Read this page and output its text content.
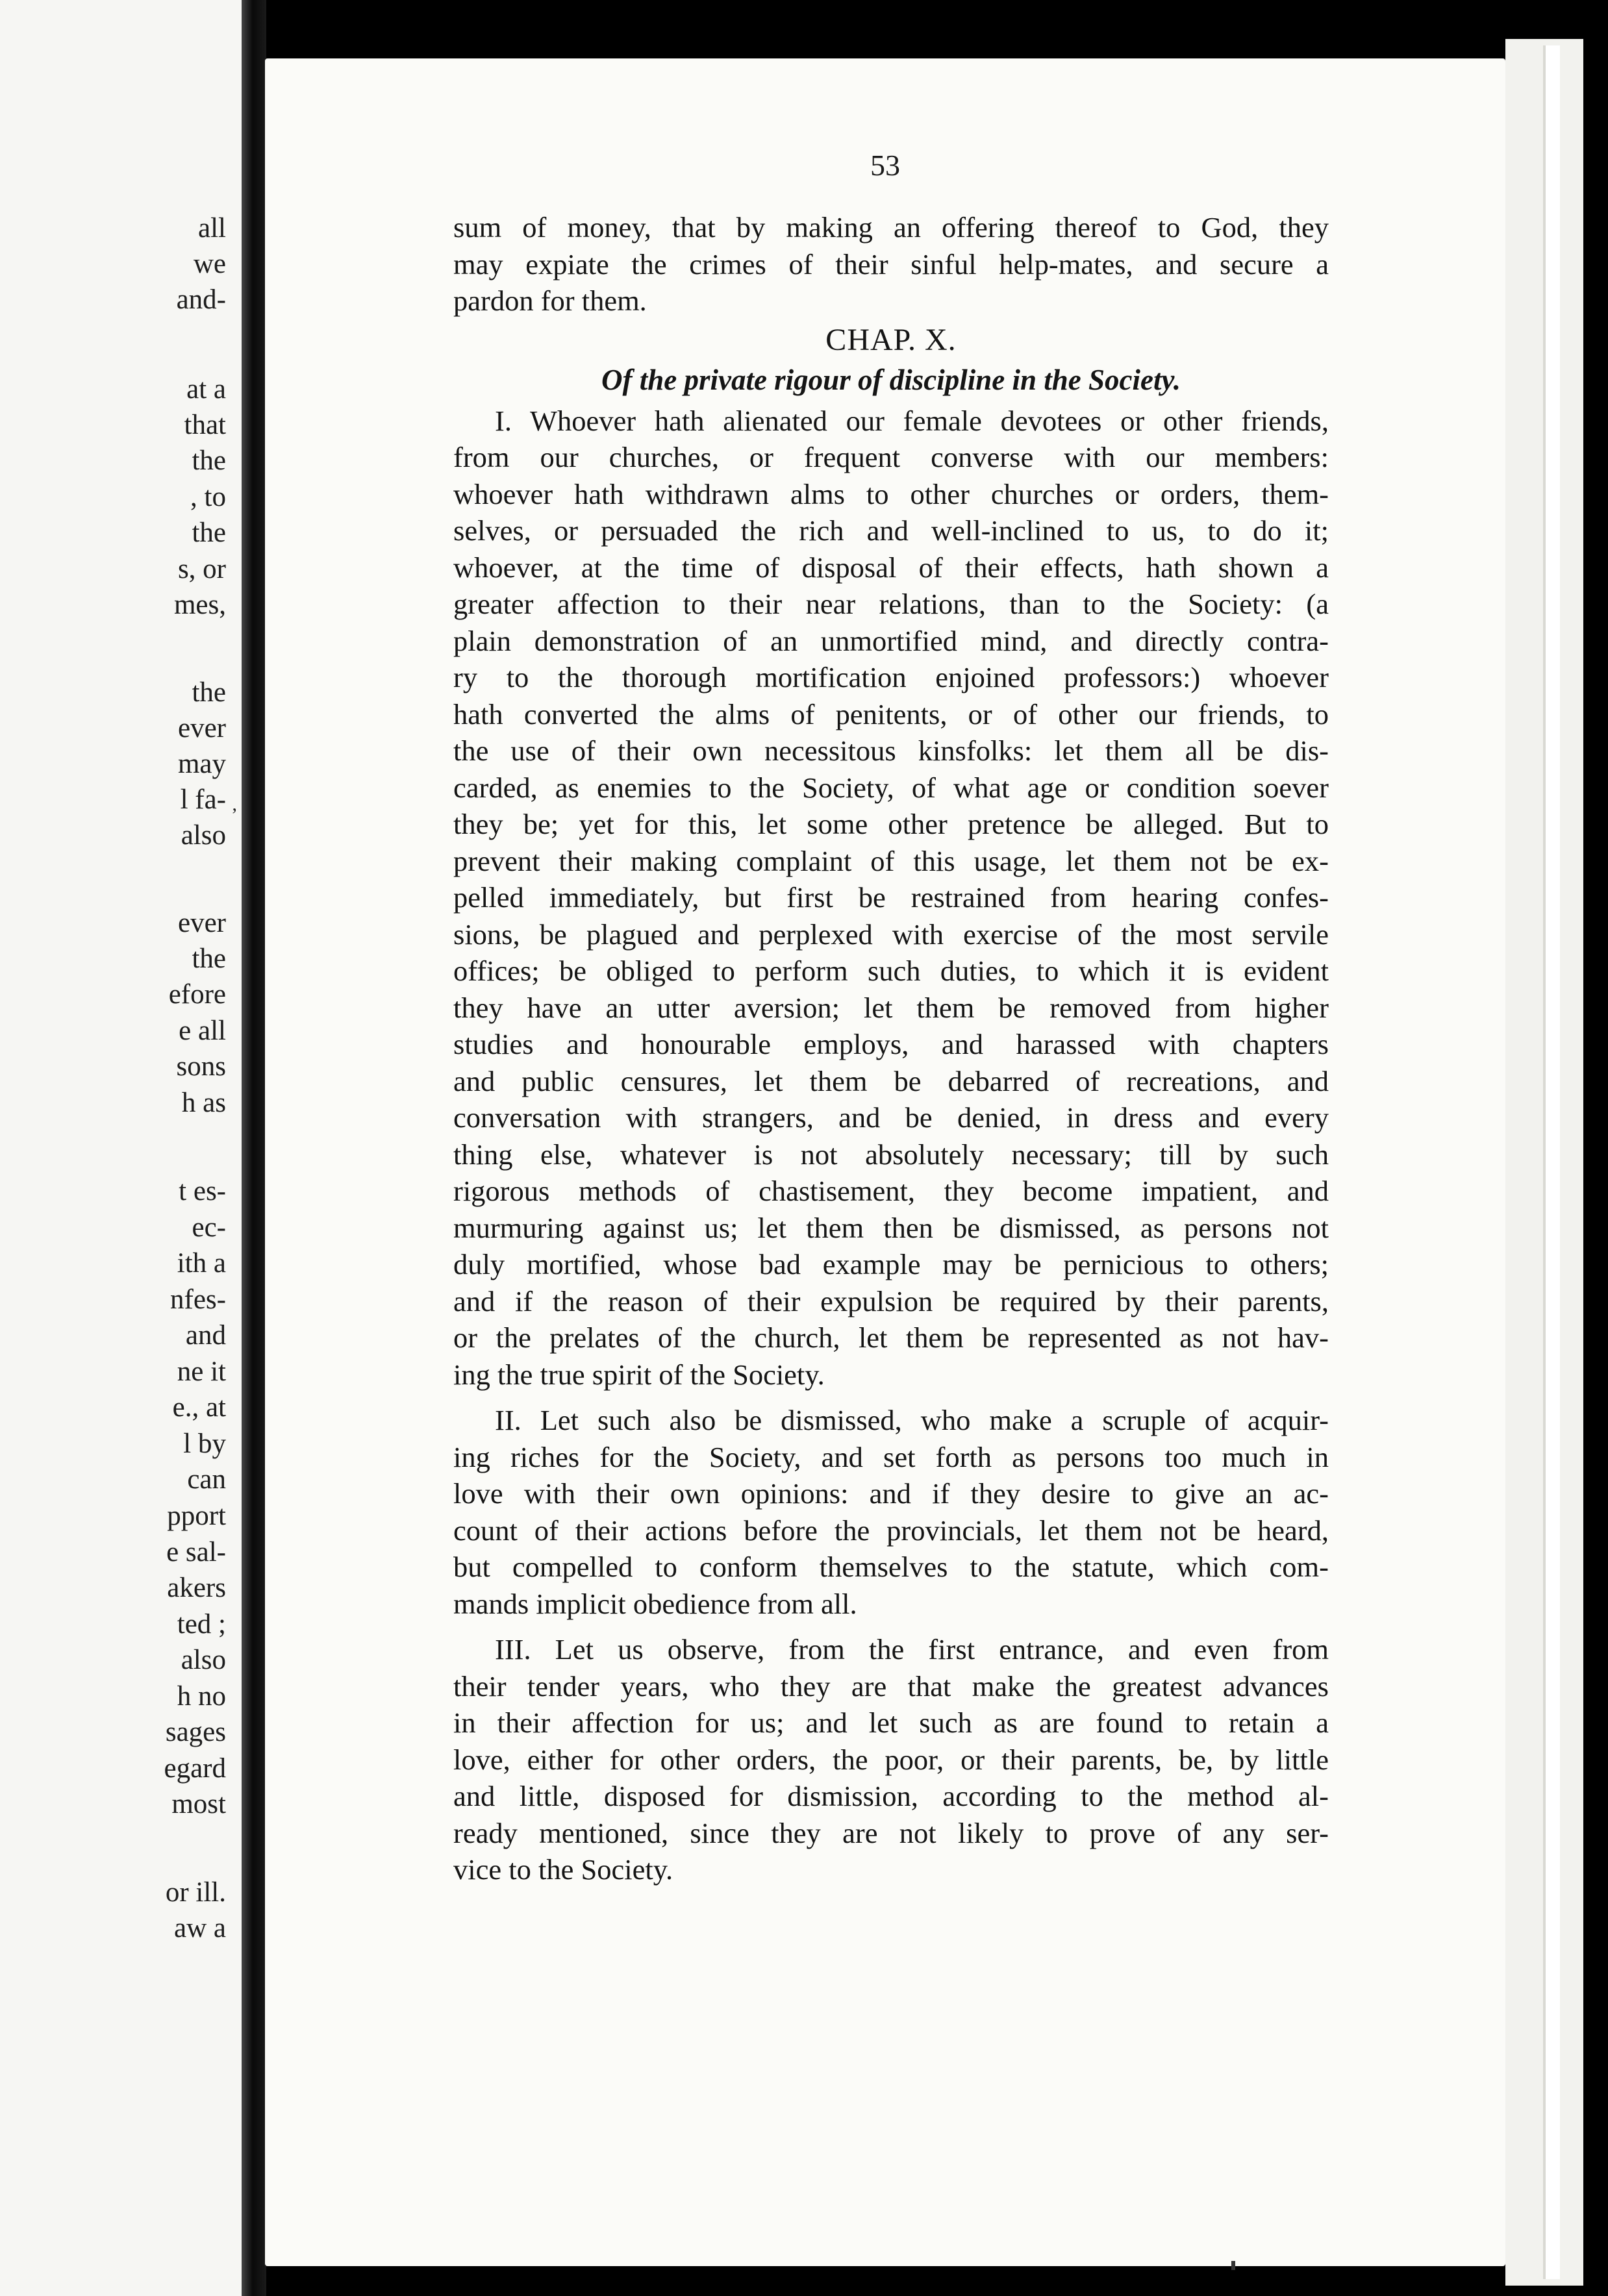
all
we
and-
at a
that
the
, to
the
s, or
mes,
the
ever
may
l fa-
also
ever
the
efore
e all
sons
h as
t es-
ec-
ith a
nfes-
and
ne it
e., at
l by
can
pport
e sal-
akers
ted ;
also
h no
sages
egard
most
or ill.
aw a
‚
53
sum of money, that by making an offering thereof to God, they
may expiate the crimes of their sinful help-mates, and secure a
pardon for them.
CHAP. X.
Of the private rigour of discipline in the Society.
I. Whoever hath alienated our female devotees or other friends,
from our churches, or frequent converse with our members:
whoever hath withdrawn alms to other churches or orders, them-
selves, or persuaded the rich and well-inclined to us, to do it;
whoever, at the time of disposal of their effects, hath shown a
greater affection to their near relations, than to the Society: (a
plain demonstration of an unmortified mind, and directly contra-
ry to the thorough mortification enjoined professors:) whoever
hath converted the alms of penitents, or of other our friends, to
the use of their own necessitous kinsfolks: let them all be dis-
carded, as enemies to the Society, of what age or condition soever
they be; yet for this, let some other pretence be alleged. But to
prevent their making complaint of this usage, let them not be ex-
pelled immediately, but first be restrained from hearing confes-
sions, be plagued and perplexed with exercise of the most servile
offices; be obliged to perform such duties, to which it is evident
they have an utter aversion; let them be removed from higher
studies and honourable employs, and harassed with chapters
and public censures, let them be debarred of recreations, and
conversation with strangers, and be denied, in dress and every
thing else, whatever is not absolutely necessary; till by such
rigorous methods of chastisement, they become impatient, and
murmuring against us; let them then be dismissed, as persons not
duly mortified, whose bad example may be pernicious to others;
and if the reason of their expulsion be required by their parents,
or the prelates of the church, let them be represented as not hav-
ing the true spirit of the Society.
II. Let such also be dismissed, who make a scruple of acquir-
ing riches for the Society, and set forth as persons too much in
love with their own opinions: and if they desire to give an ac-
count of their actions before the provincials, let them not be heard,
but compelled to conform themselves to the statute, which com-
mands implicit obedience from all.
III. Let us observe, from the first entrance, and even from
their tender years, who they are that make the greatest advances
in their affection for us; and let such as are found to retain a
love, either for other orders, the poor, or their parents, be, by little
and little, disposed for dismission, according to the method al-
ready mentioned, since they are not likely to prove of any ser-
vice to the Society.
